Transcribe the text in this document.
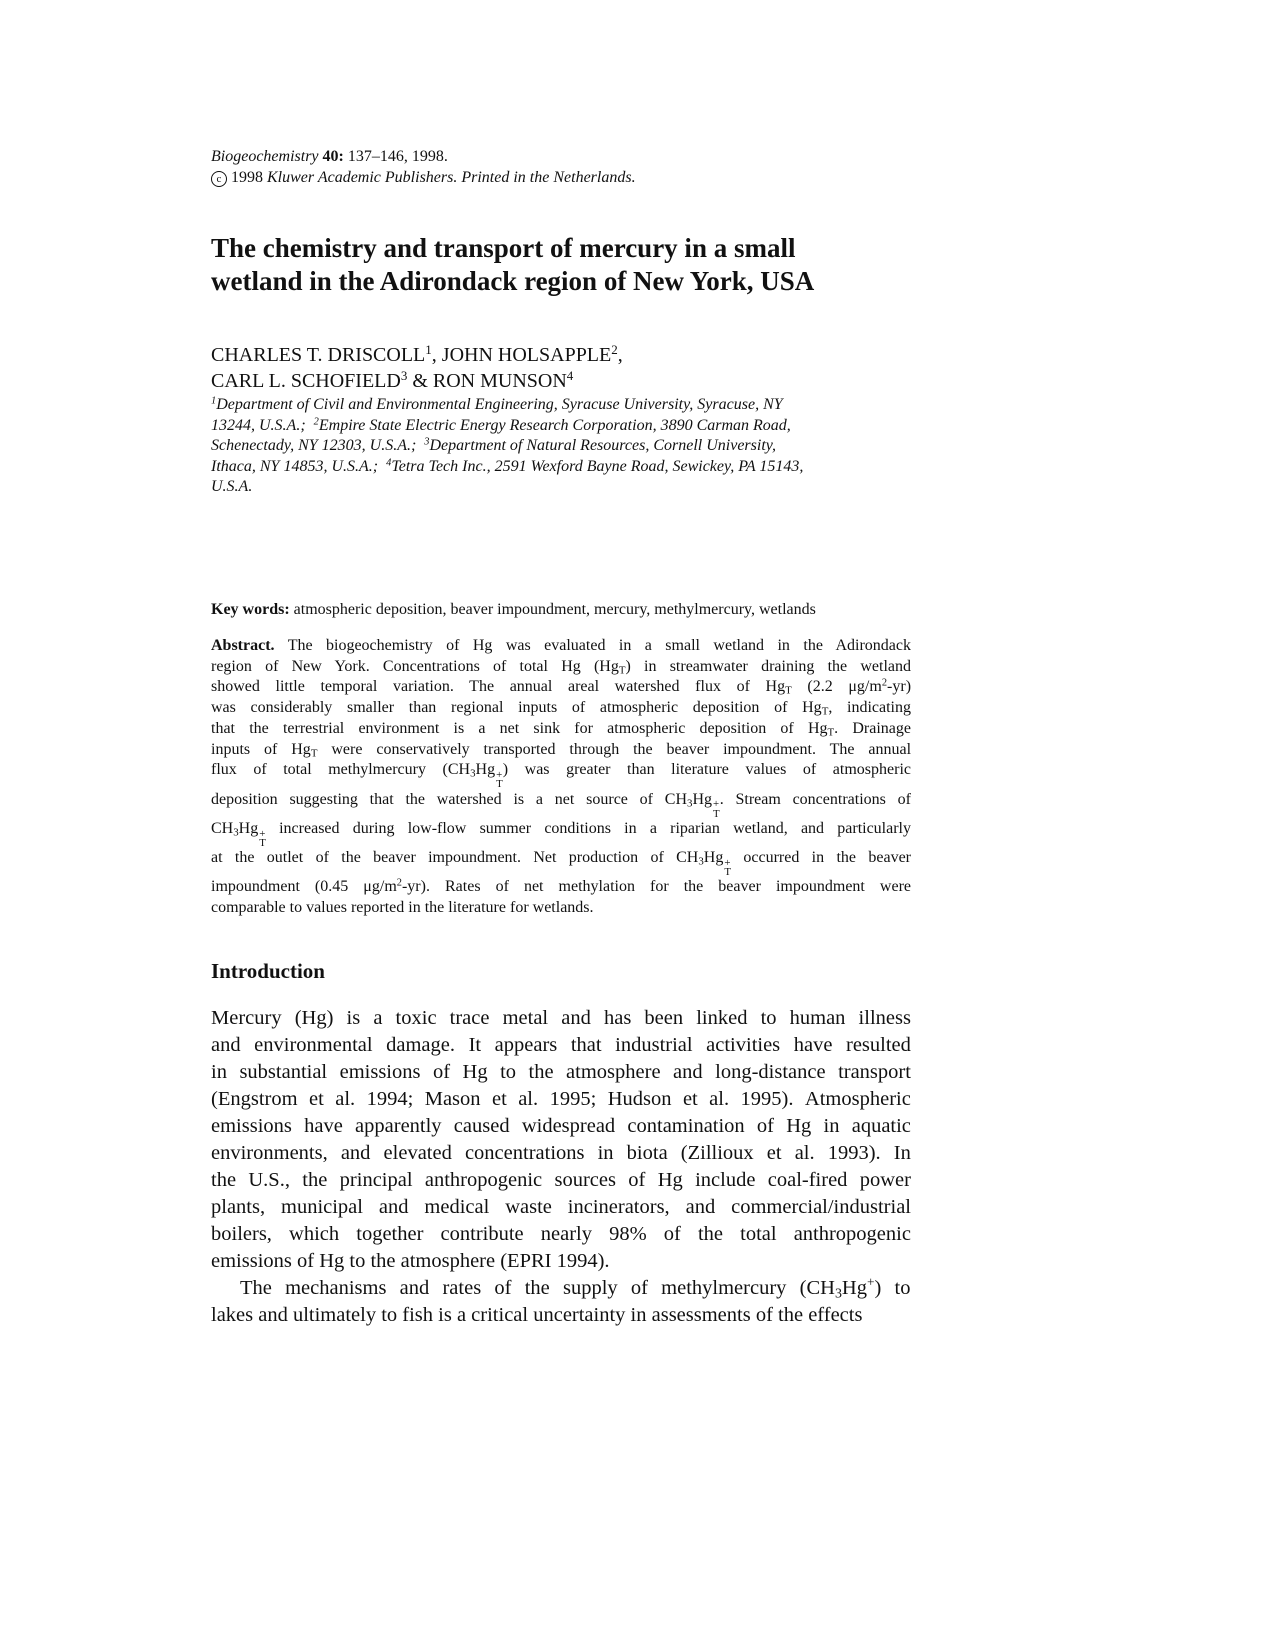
Biogeochemistry 40: 137–146, 1998.
c 1998 Kluwer Academic Publishers. Printed in the Netherlands.
The chemistry and transport of mercury in a small
wetland in the Adirondack region of New York, USA
CHARLES T. DRISCOLL$^1$, JOHN HOLSAPPLE$^2$,
CARL L. SCHOFIELD$^3$ & RON MUNSON$^4$
$^1$Department of Civil and Environmental Engineering, Syracuse University, Syracuse, NY
13244, U.S.A.; $^2$Empire State Electric Energy Research Corporation, 3890 Carman Road,
Schenectady, NY 12303, U.S.A.; $^3$Department of Natural Resources, Cornell University,
Ithaca, NY 14853, U.S.A.; $^4$Tetra Tech Inc., 2591 Wexford Bayne Road, Sewickey, PA 15143,
U.S.A.
Key words: atmospheric deposition, beaver impoundment, mercury, methylmercury, wetlands
Abstract. The biogeochemistry of Hg was evaluated in a small wetland in the Adirondack
region of New York. Concentrations of total Hg $(Hg_T)$ in streamwater draining the wetland
showed little temporal variation. The annual areal watershed flux of $Hg_T$ (2.2 $\mu g/m^2-yr$)
was considerably smaller than regional inputs of atmospheric deposition of $Hg_T$, indicating
that the terrestrial environment is a net sink for atmospheric deposition of $Hg_T$. Drainage
inputs of $Hg_T$ were conservatively transported through the beaver impoundment. The annual
flux of total methylmercury ($CH_3Hg$ +
T
) was greater than literature values of atmospheric
deposition suggesting that the watershed is a net source of $CH_3Hg$ +
T
. Stream concentrations of
$CH_3Hg$ +
T
increased during low-flow summer conditions in a riparian wetland, and particularly
at the outlet of the beaver impoundment. Net production of $CH_3Hg$ +
T
occurred in the beaver
impoundment (0.45 $\mu g/m^2-yr$). Rates of net methylation for the beaver impoundment were
comparable to values reported in the literature for wetlands.
Introduction
Mercury (Hg) is a toxic trace metal and has been linked to human illness
and environmental damage. It appears that industrial activities have resulted
in substantial emissions of Hg to the atmosphere and long-distance transport
(Engstrom et al. 1994; Mason et al. 1995; Hudson et al. 1995). Atmospheric
emissions have apparently caused widespread contamination of Hg in aquatic
environments, and elevated concentrations in biota (Zillioux et al. 1993). In
the U.S., the principal anthropogenic sources of Hg include coal-fired power
plants, municipal and medical waste incinerators, and commercial/industrial
boilers, which together contribute nearly 98% of the total anthropogenic
emissions of Hg to the atmosphere (EPRI 1994).
The mechanisms and rates of the supply of methylmercury $(CH_3Hg^+)$ to
lakes and ultimately to fish is a critical uncertainty in assessments of the effects
